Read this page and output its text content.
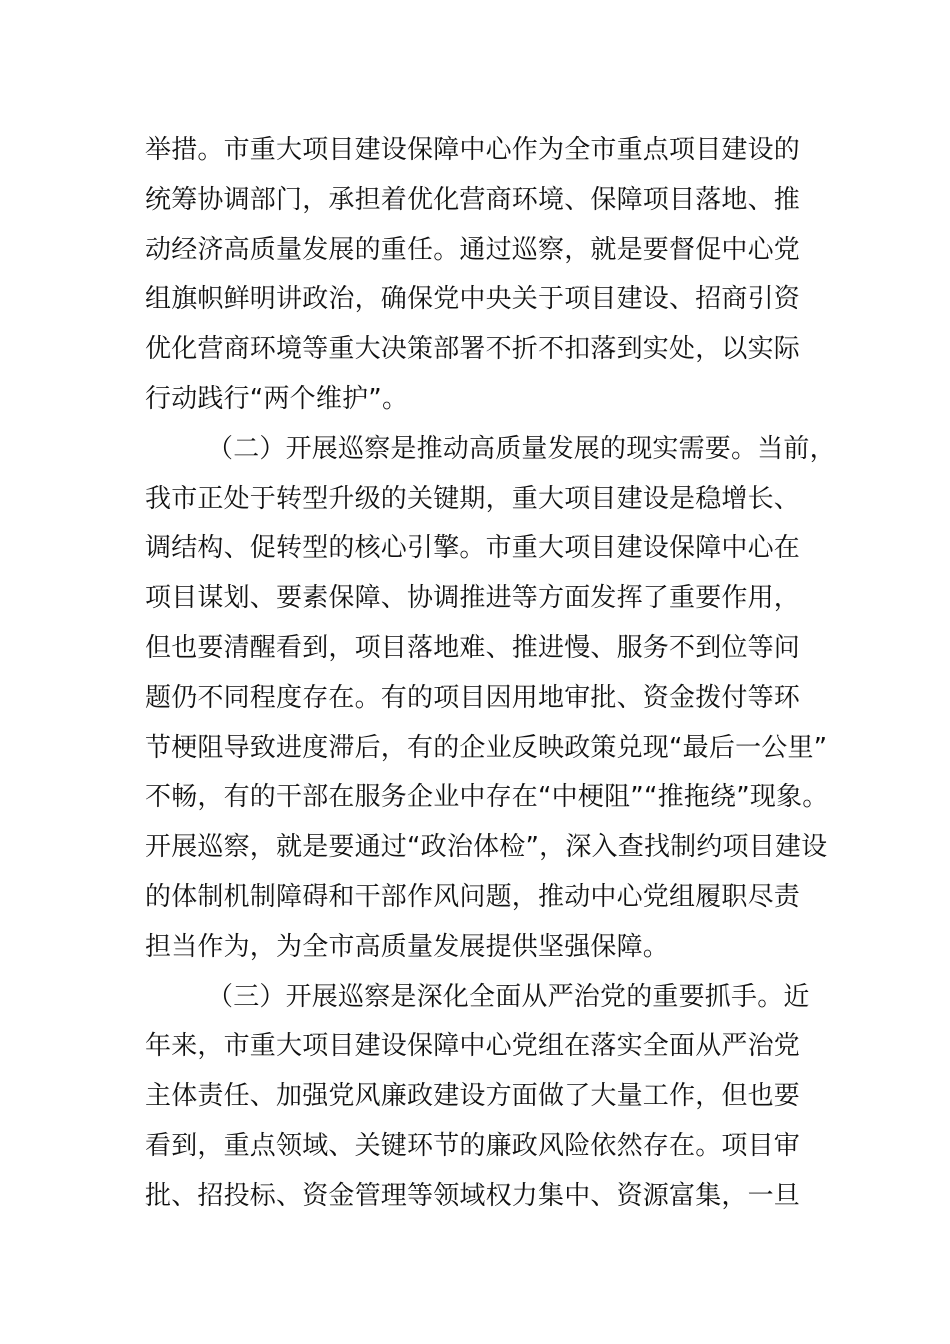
举措。市重大项目建设保障中心作为全市重点项目建设的
统筹协调部门，承担着优化营商环境、保障项目落地、推
动经济高质量发展的重任。通过巡察，就是要督促中心党
组旗帜鲜明讲政治，确保党中央关于项目建设、招商引资
优化营商环境等重大决策部署不折不扣落到实处，以实际
行动践行“两个维护”。
（二）开展巡察是推动高质量发展的现实需要。当前，
我市正处于转型升级的关键期，重大项目建设是稳增长、
调结构、促转型的核心引擎。市重大项目建设保障中心在
项目谋划、要素保障、协调推进等方面发挥了重要作用，
但也要清醒看到，项目落地难、推进慢、服务不到位等问
题仍不同程度存在。有的项目因用地审批、资金拨付等环
节梗阻导致进度滞后，有的企业反映政策兑现“最后一公里”
不畅，有的干部在服务企业中存在“中梗阻”“推拖绕”现象。
开展巡察，就是要通过“政治体检”，深入查找制约项目建设
的体制机制障碍和干部作风问题，推动中心党组履职尽责
担当作为，为全市高质量发展提供坚强保障。
（三）开展巡察是深化全面从严治党的重要抓手。近
年来，市重大项目建设保障中心党组在落实全面从严治党
主体责任、加强党风廉政建设方面做了大量工作，但也要
看到，重点领域、关键环节的廉政风险依然存在。项目审
批、招投标、资金管理等领域权力集中、资源富集，一旦
